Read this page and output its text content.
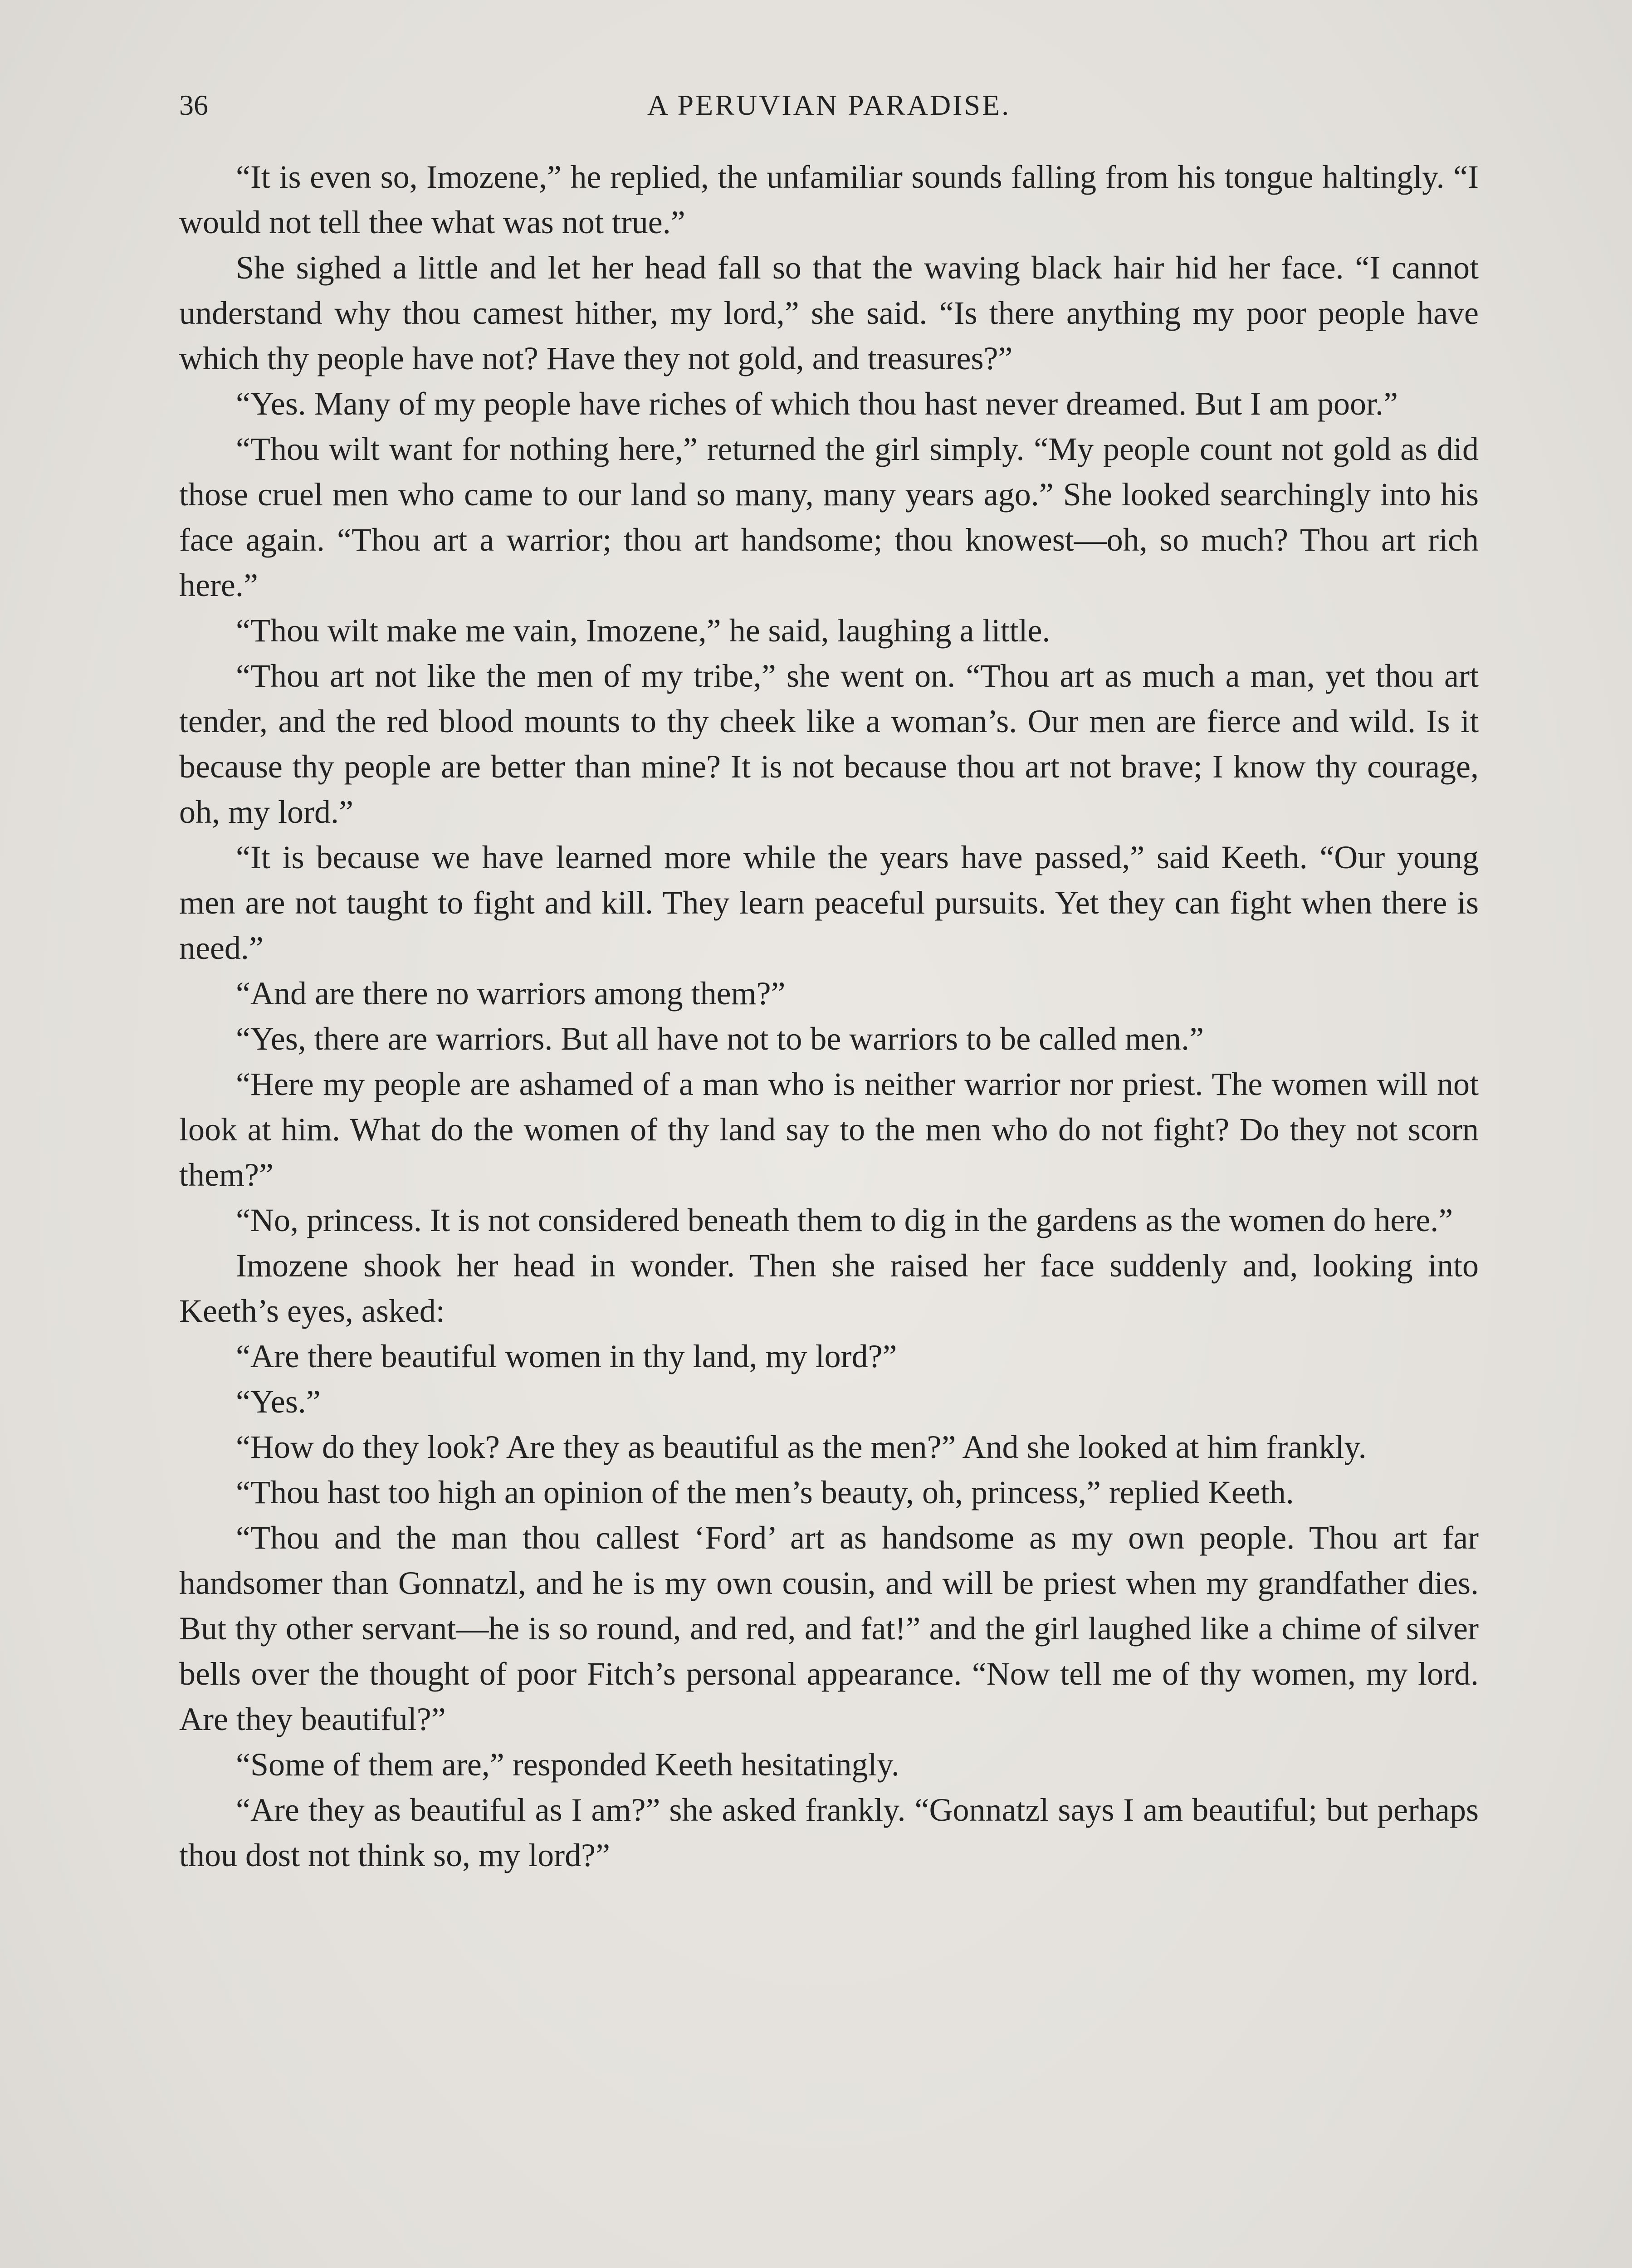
36	A PERUVIAN PARADISE.

“It is even so, Imozene,” he replied, the unfamiliar sounds falling from his tongue haltingly. “I would not tell thee what was not true.”

She sighed a little and let her head fall so that the waving black hair hid her face. “I cannot understand why thou camest hither, my lord,” she said. “Is there anything my poor people have which thy people have not? Have they not gold, and treasures?”

“Yes. Many of my people have riches of which thou hast never dreamed. But I am poor.”

“Thou wilt want for nothing here,” returned the girl simply. “My people count not gold as did those cruel men who came to our land so many, many years ago.” She looked searchingly into his face again. “Thou art a warrior; thou art handsome; thou knowest—oh, so much? Thou art rich here.”

“Thou wilt make me vain, Imozene,” he said, laughing a little.

“Thou art not like the men of my tribe,” she went on. “Thou art as much a man, yet thou art tender, and the red blood mounts to thy cheek like a woman’s. Our men are fierce and wild. Is it because thy people are better than mine? It is not because thou art not brave; I know thy courage, oh, my lord.”

“It is because we have learned more while the years have passed,” said Keeth. “Our young men are not taught to fight and kill. They learn peaceful pursuits. Yet they can fight when there is need.”

“And are there no warriors among them?”

“Yes, there are warriors. But all have not to be warriors to be called men.”

“Here my people are ashamed of a man who is neither warrior nor priest. The women will not look at him. What do the women of thy land say to the men who do not fight? Do they not scorn them?”

“No, princess. It is not considered beneath them to dig in the gardens as the women do here.”

Imozene shook her head in wonder. Then she raised her face suddenly and, looking into Keeth’s eyes, asked:

“Are there beautiful women in thy land, my lord?”

“Yes.”

“How do they look? Are they as beautiful as the men?” And she looked at him frankly.

“Thou hast too high an opinion of the men’s beauty, oh, princess,” replied Keeth.

“Thou and the man thou callest ‘Ford’ art as handsome as my own people. Thou art far handsomer than Gonnatzl, and he is my own cousin, and will be priest when my grandfather dies. But thy other servant—he is so round, and red, and fat!” and the girl laughed like a chime of silver bells over the thought of poor Fitch’s personal appearance. “Now tell me of thy women, my lord. Are they beautiful?”

“Some of them are,” responded Keeth hesitatingly.

“Are they as beautiful as I am?” she asked frankly. “Gonnatzl says I am beautiful; but perhaps thou dost not think so, my lord?”
